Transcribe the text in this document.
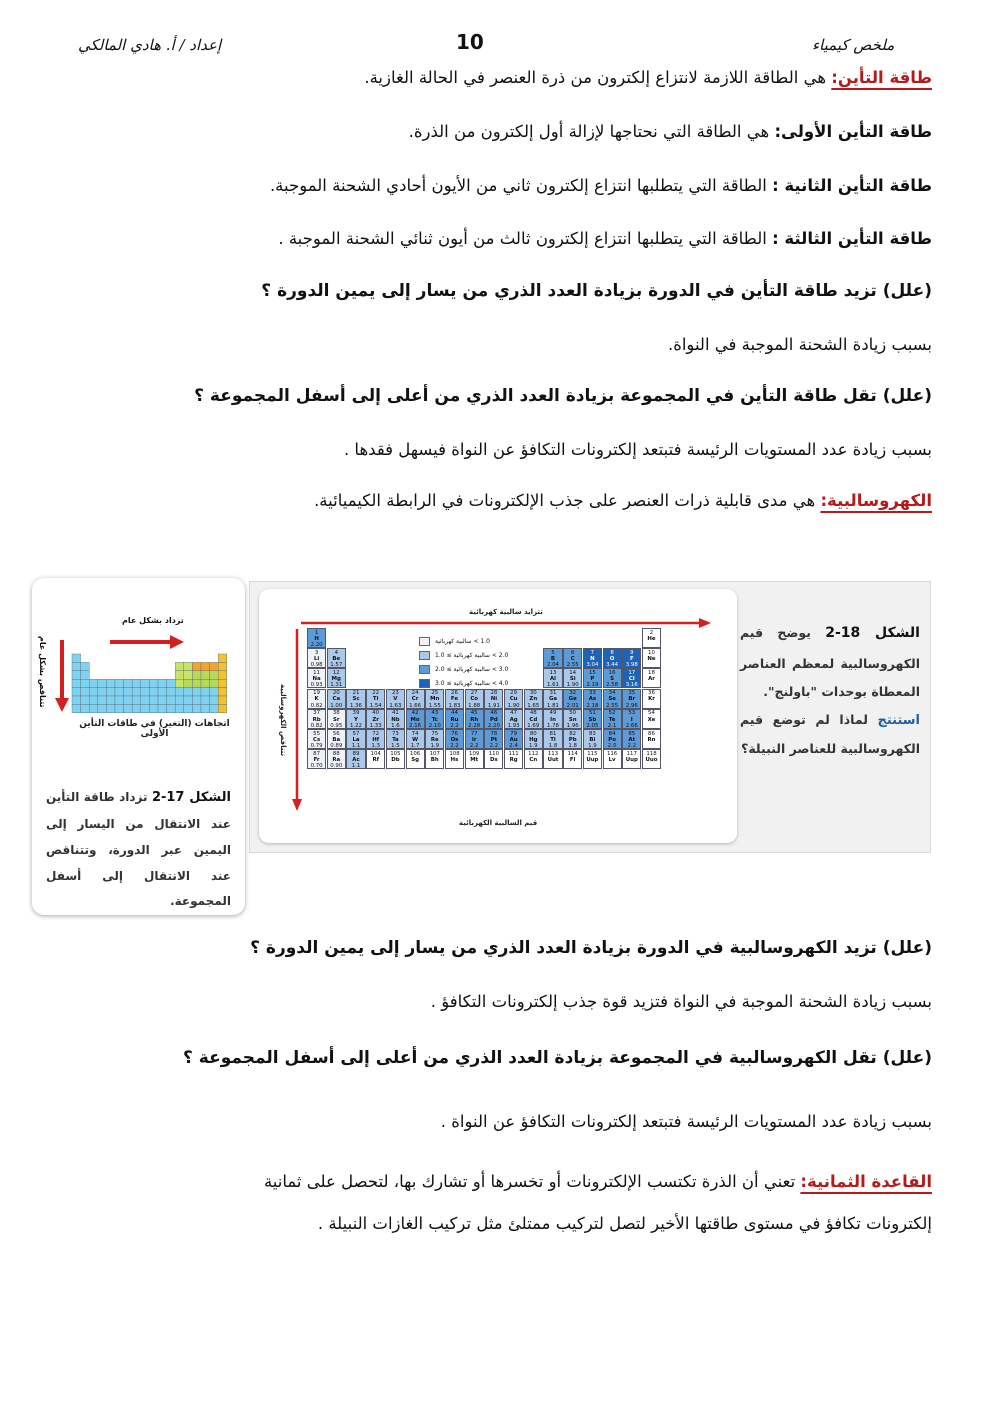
إعداد / أ. هادي المالكي	10	ملخص كيمياء
طاقة التأين: هي الطاقة اللازمة لانتزاع إلكترون من ذرة العنصر في الحالة الغازية.
طاقة التأين الأولى: هي الطاقة التي نحتاجها لإزالة أول إلكترون من الذرة.
طاقة التأين الثانية : الطاقة التي يتطلبها انتزاع إلكترون ثاني من الأيون أحادي الشحنة الموجبة.
طاقة التأين الثالثة : الطاقة التي يتطلبها انتزاع إلكترون ثالث من أيون ثنائي الشحنة الموجبة .
(علل) تزيد طاقة التأين في الدورة بزيادة العدد الذري من يسار إلى يمين الدورة ؟
بسبب زيادة الشحنة الموجبة في النواة.
(علل) تقل طاقة التأين في المجموعة بزيادة العدد الذري من أعلى إلى أسفل المجموعة ؟
بسبب زيادة عدد المستويات الرئيسة فتبتعد إلكترونات التكافؤ عن النواة فيسهل فقدها .
الكهروسالبية: هي مدى قابلية ذرات العنصر على جذب الإلكترونات في الرابطة الكيميائية.
تزداد بشكل عام
تتناقص بشكل عام
اتجاهات (التغير) في طاقات التأين الأولى
الشكل 17-2 تزداد طاقة التأين عند الانتقال من اليسار إلى اليمين عبر الدورة، وتتناقص عند الانتقال إلى أسفل المجموعة.
تتزايد سالبية كهربائية
تتناقص الكهروسالبية
قيم السالبية الكهربائية
1.0 > سالبية كهربائية
2.0 > سالبية كهربائية ≥ 1.0
3.0 > سالبية كهربائية ≥ 2.0
4.0 > سالبية كهربائية ≥ 3.0
1
H
2.20
2
He
3
Li
0.98
4
Be
1.57
5
B
2.04
6
C
2.55
7
N
3.04
8
O
3.44
9
F
3.98
10
Ne
11
Na
0.93
12
Mg
1.31
13
Al
1.61
14
Si
1.90
15
P
2.19
16
S
2.58
17
Cl
3.16
18
Ar
19
K
0.82
20
Ca
1.00
21
Sc
1.36
22
Ti
1.54
23
V
1.63
24
Cr
1.66
25
Mn
1.55
26
Fe
1.83
27
Co
1.88
28
Ni
1.91
29
Cu
1.90
30
Zn
1.65
31
Ga
1.81
32
Ge
2.01
33
As
2.18
34
Se
2.55
35
Br
2.96
36
Kr
37
Rb
0.82
38
Sr
0.95
39
Y
1.22
40
Zr
1.33
41
Nb
1.6
42
Mo
2.16
43
Tc
2.10
44
Ru
2.2
45
Rh
2.28
46
Pd
2.20
47
Ag
1.93
48
Cd
1.69
49
In
1.78
50
Sn
1.96
51
Sb
2.05
52
Te
2.1
53
I
2.66
54
Xe
55
Cs
0.79
56
Ba
0.89
57
La
1.1
72
Hf
1.3
73
Ta
1.5
74
W
1.7
75
Re
1.9
76
Os
2.2
77
Ir
2.2
78
Pt
2.2
79
Au
2.4
80
Hg
1.9
81
Tl
1.8
82
Pb
1.8
83
Bi
1.9
84
Po
2.0
85
At
2.2
86
Rn
87
Fr
0.70
88
Ra
0.90
89
Ac
1.1
104
Rf
105
Db
106
Sg
107
Bh
108
Hs
109
Mt
110
Ds
111
Rg
112
Cn
113
Uut
114
Fl
115
Uup
116
Lv
117
Uup
118
Uuo
الشكل 18-2 يوضح قيم الكهروسالبية لمعظم العناصر المعطاة بوحدات "باولنج".
استنتج لماذا لم توضع قيم الكهروسالبية للعناصر النبيلة؟
(علل) تزيد الكهروسالبية في الدورة بزيادة العدد الذري من يسار إلى يمين الدورة ؟
بسبب زيادة الشحنة الموجبة في النواة فتزيد قوة جذب إلكترونات التكافؤ .
(علل) تقل الكهروسالبية في المجموعة بزيادة العدد الذري من أعلى إلى أسفل المجموعة ؟
بسبب زيادة عدد المستويات الرئيسة فتبتعد إلكترونات التكافؤ عن النواة .
القاعدة الثمانية: تعني أن الذرة تكتسب الإلكترونات أو تخسرها أو تشارك بها، لتحصل على ثمانية
إلكترونات تكافؤ في مستوى طاقتها الأخير لتصل لتركيب ممتلئ مثل تركيب الغازات النبيلة .
